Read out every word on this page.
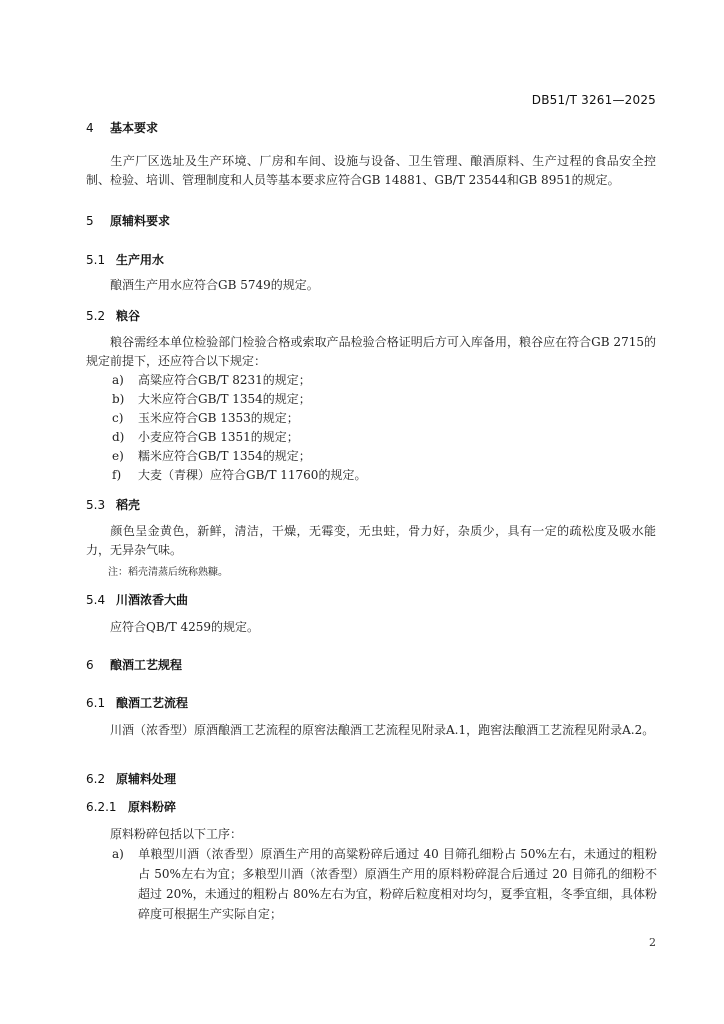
DB51/T 3261—2025
4 基本要求
生产厂区选址及生产环境、厂房和车间、设施与设备、卫生管理、酿酒原料、生产过程的食品安全控制、检验、培训、管理制度和人员等基本要求应符合GB 14881、GB/T 23544和GB 8951的规定。
5 原辅料要求
5.1 生产用水
酿酒生产用水应符合GB 5749的规定。
5.2 粮谷
粮谷需经本单位检验部门检验合格或索取产品检验合格证明后方可入库备用，粮谷应在符合GB 2715的规定前提下，还应符合以下规定：
a) 高粱应符合GB/T 8231的规定；
b) 大米应符合GB/T 1354的规定；
c) 玉米应符合GB 1353的规定；
d) 小麦应符合GB 1351的规定；
e) 糯米应符合GB/T 1354的规定；
f) 大麦（青稞）应符合GB/T 11760的规定。
5.3 稻壳
颜色呈金黄色，新鲜，清洁，干燥，无霉变，无虫蛀，骨力好，杂质少，具有一定的疏松度及吸水能力，无异杂气味。
注：稻壳清蒸后统称熟糠。
5.4 川酒浓香大曲
应符合QB/T 4259的规定。
6 酿酒工艺规程
6.1 酿酒工艺流程
川酒（浓香型）原酒酿酒工艺流程的原窖法酿酒工艺流程见附录A.1，跑窖法酿酒工艺流程见附录A.2。
6.2 原辅料处理
6.2.1 原料粉碎
原料粉碎包括以下工序：
a) 单粮型川酒（浓香型）原酒生产用的高粱粉碎后通过 40 目筛孔细粉占 50%左右，未通过的粗粉占 50%左右为宜；多粮型川酒（浓香型）原酒生产用的原料粉碎混合后通过 20 目筛孔的细粉不超过 20%，未通过的粗粉占 80%左右为宜，粉碎后粒度相对均匀，夏季宜粗，冬季宜细，具体粉碎度可根据生产实际自定；
2
